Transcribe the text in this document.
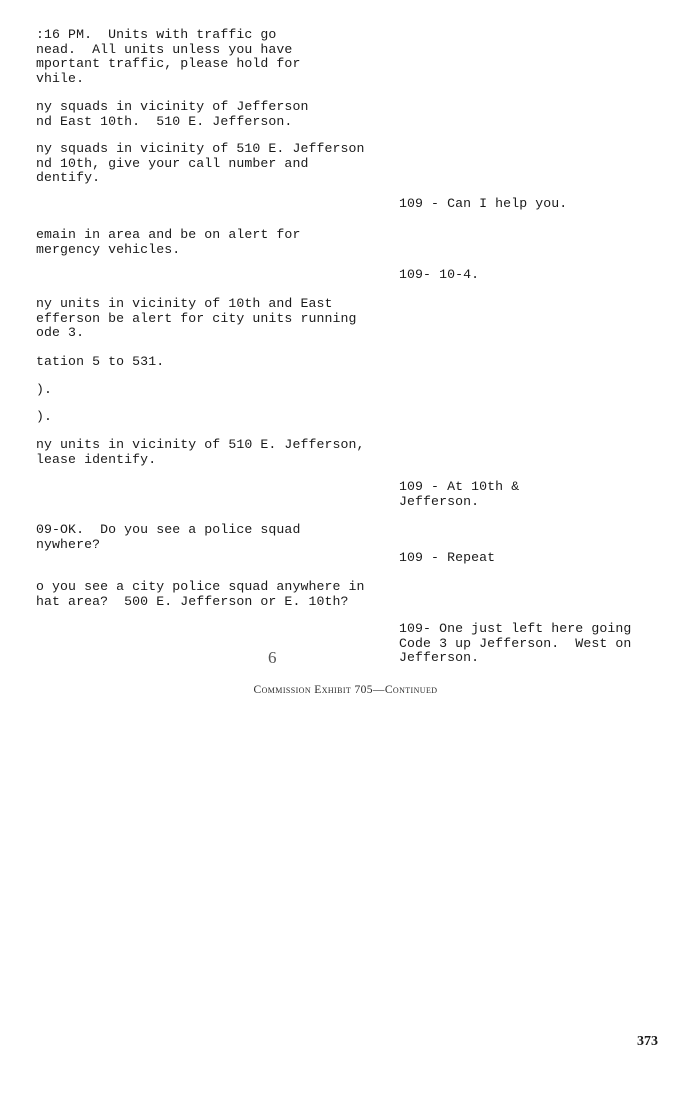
:16 PM.  Units with traffic go
nead.  All units unless you have
mportant traffic, please hold for
vhile.
ny squads in vicinity of Jefferson
nd East 10th.  510 E. Jefferson.
ny squads in vicinity of 510 E. Jefferson
nd 10th, give your call number and
dentify.
emain in area and be on alert for
mergency vehicles.
ny units in vicinity of 10th and East
efferson be alert for city units running
ode 3.
tation 5 to 531.
).
).
ny units in vicinity of 510 E. Jefferson,
lease identify.
09-OK.  Do you see a police squad
nywhere?
o you see a city police squad anywhere in
hat area?  500 E. Jefferson or E. 10th?
109 - Can I help you.
109- 10-4.
109 - At 10th &
Jefferson.
109 - Repeat
109- One just left here going
Code 3 up Jefferson.  West on
Jefferson.
6
Commission Exhibit 705—Continued
373
